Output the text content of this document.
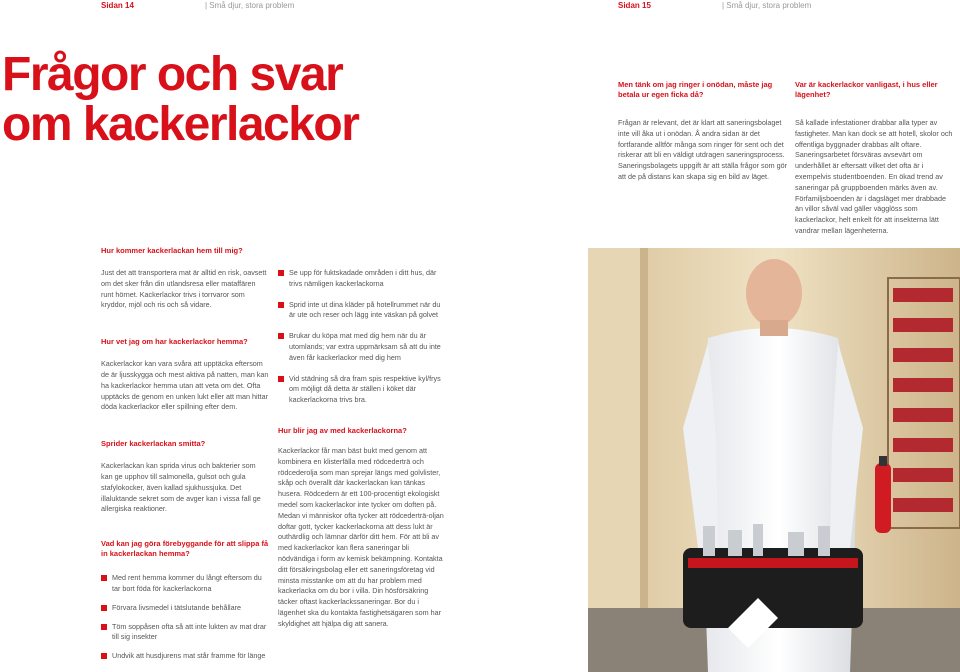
Sidan 14	| Små djur, stora problem	Sidan 15	| Små djur, stora problem
Frågor och svar
om kackerlackor
Men tänk om jag ringer i onödan, måste jag betala ur egen ficka då?
Frågan är relevant, det är klart att saneringsbolaget inte vill åka ut i onödan. Å andra sidan är det fortfarande alltför många som ringer för sent och det riskerar att bli en väldigt utdragen saneringsprocess. Saneringsbolagets uppgift är att ställa frågor som gör att de på distans kan skapa sig en bild av läget.
Var är kackerlackor vanligast, i hus eller lägenhet?
Så kallade infestationer drabbar alla typer av fastigheter. Man kan dock se att hotell, skolor och offentliga byggnader drabbas allt oftare. Saneringsarbetet försväras avsevärt om underhållet är eftersatt vilket det ofta är i exempelvis studentboenden. En ökad trend av saneringar på gruppboenden märks även av. Förfamiljsboenden är i dagsläget mer drabbade än villor såväl vad gäller vägglöss som kackerlackor, helt enkelt för att insekterna lätt vandrar mellan lägenheterna.
Hur kommer kackerlackan hem till mig?
Just det att transportera mat är alltid en risk, oavsett om det sker från din utlandsresa eller mataffären runt hörnet. Kackerlackor trivs i torrvaror som kryddor, mjöl och ris och så vidare.
Hur vet jag om har kackerlackor hemma?
Kackerlackor kan vara svåra att upptäcka eftersom de är ljusskygga och mest aktiva på natten, man kan ha kackerlackor hemma utan att veta om det. Ofta upptäcks de genom en unken lukt eller att man hittar döda kackerlackor eller spillning efter dem.
Sprider kackerlackan smitta?
Kackerlackan kan sprida virus och bakterier som kan ge upphov till salmonella, gulsot och gula stafylokocker, även kallad sjukhussjuka. Det illaluktande sekret som de avger kan i vissa fall ge allergiska reaktioner.
Vad kan jag göra förebyggande för att slippa få in kackerlackan hemma?
Med rent hemma kommer du långt eftersom du tar bort föda för kackerlackorna
Förvara livsmedel i tätslutande behållare
Töm soppåsen ofta så att inte lukten av mat drar till sig insekter
Undvik att husdjurens mat står framme för länge
Se upp för fuktskadade områden i ditt hus, där trivs nämligen kackerlackorna
Sprid inte ut dina kläder på hotellrummet när du är ute och reser och lägg inte väskan på golvet
Brukar du köpa mat med dig hem när du är utomlands; var extra uppmärksam så att du inte även får kackerlackor med dig hem
Vid städning så dra fram spis respektive kyl/frys om möjligt då detta är ställen i köket där kackerlackorna trivs bra.
Hur blir jag av med kackerlackorna?
Kackerlackor får man bäst bukt med genom att kombinera en klisterfälla med rödcederträ och rödcederolja som man sprejar längs med golvlister, skåp och överallt där kackerlackan kan tänkas husera. Rödcedern är ett 100-procentigt ekologiskt medel som kackerlackor inte tycker om doften på. Medan vi människor ofta tycker att rödcederträ-oljan doftar gott, tycker kackerlackorna att dess lukt är outhärdlig och lämnar därför ditt hem. För att bli av med kackerlackor kan flera saneringar bli nödvändiga i form av kemisk bekämpning. Kontakta ditt försäkringsbolag eller ett saneringsföretag vid minsta misstanke om att du har problem med kackerlacka om du bor i villa. Din hösförsäkring täcker oftast kackerlackssaneringar. Bor du i lägenhet ska du kontakta fastighetsägaren som har skyldighet att hjälpa dig att sanera.
